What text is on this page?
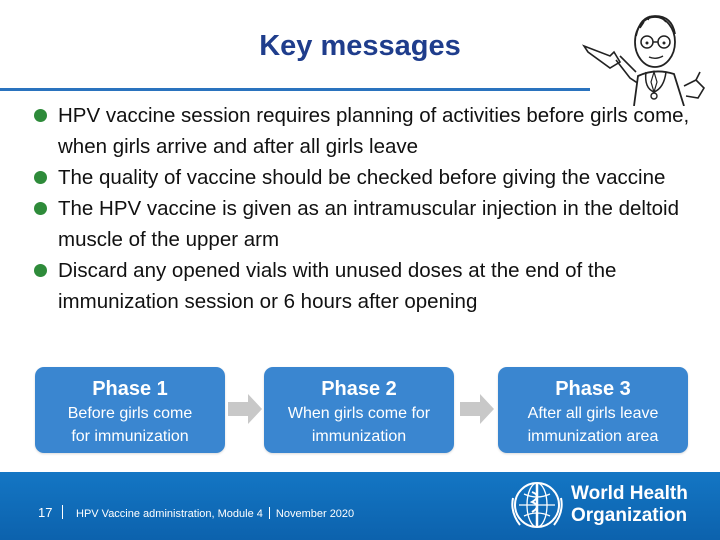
Key messages
HPV vaccine session requires planning of activities before girls come, when girls arrive and after all girls leave
The quality of vaccine should be checked before giving the vaccine
The HPV vaccine is given as an intramuscular injection in the deltoid muscle of the upper arm
Discard any opened vials with unused doses at the end of the immunization session or 6 hours after opening
Phase 1
Before girls come
for immunization
Phase 2
When girls come for
immunization
Phase 3
After all girls leave
immunization area
17 HPV Vaccine administration, Module 4 November 2020
World Health
Organization
